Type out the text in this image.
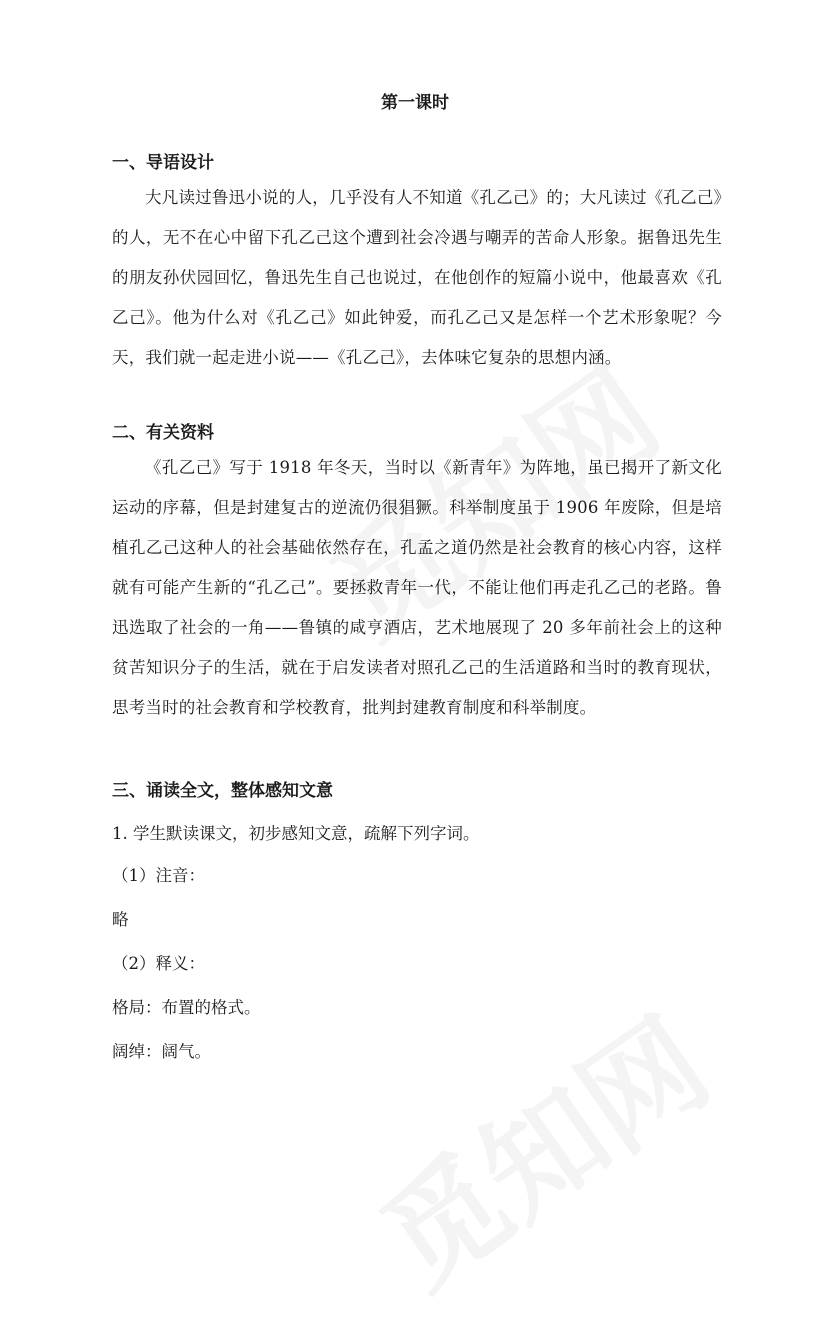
第一课时
一、导语设计
大凡读过鲁迅小说的人，几乎没有人不知道《孔乙己》的；大凡读过《孔乙己》的人，无不在心中留下孔乙己这个遭到社会冷遇与嘲弄的苦命人形象。据鲁迅先生的朋友孙伏园回忆，鲁迅先生自己也说过，在他创作的短篇小说中，他最喜欢《孔乙己》。他为什么对《孔乙己》如此钟爱，而孔乙己又是怎样一个艺术形象呢？今天，我们就一起走进小说——《孔乙己》，去体味它复杂的思想内涵。
二、有关资料
《孔乙己》写于 1918 年冬天，当时以《新青年》为阵地，虽已揭开了新文化运动的序幕，但是封建复古的逆流仍很猖獗。科举制度虽于 1906 年废除，但是培植孔乙己这种人的社会基础依然存在，孔孟之道仍然是社会教育的核心内容，这样就有可能产生新的“孔乙己”。要拯救青年一代，不能让他们再走孔乙己的老路。鲁迅选取了社会的一角——鲁镇的咸亨酒店，艺术地展现了 20 多年前社会上的这种贫苦知识分子的生活，就在于启发读者对照孔乙己的生活道路和当时的教育现状，思考当时的社会教育和学校教育，批判封建教育制度和科举制度。
三、诵读全文，整体感知文意
1. 学生默读课文，初步感知文意，疏解下列字词。
（1）注音：
略
（2）释义：
格局：布置的格式。
阔绰：阔气。
